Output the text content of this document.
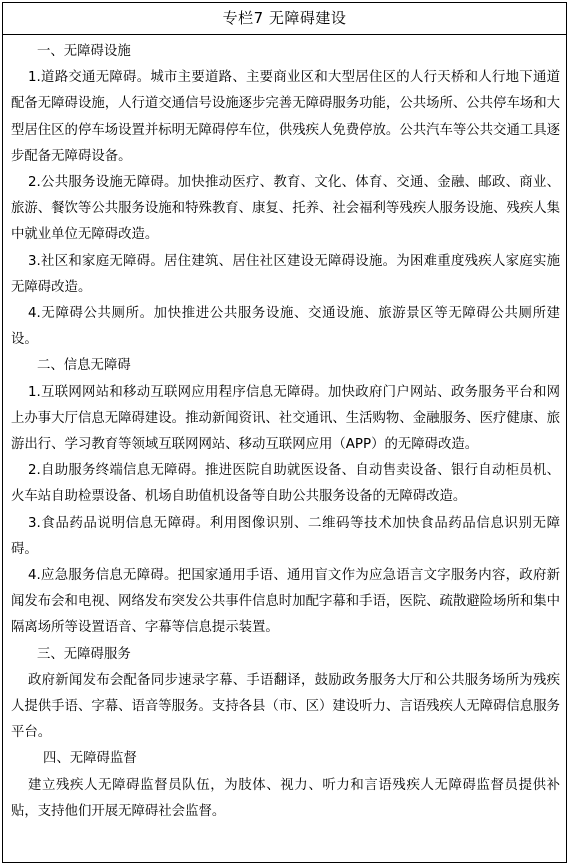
专栏7 无障碍建设

一、无障碍设施

1.道路交通无障碍。城市主要道路、主要商业区和大型居住区的人行天桥和人行地下通道配备无障碍设施，人行道交通信号设施逐步完善无障碍服务功能，公共场所、公共停车场和大型居住区的停车场设置并标明无障碍停车位，供残疾人免费停放。公共汽车等公共交通工具逐步配备无障碍设备。

2.公共服务设施无障碍。加快推动医疗、教育、文化、体育、交通、金融、邮政、商业、旅游、餐饮等公共服务设施和特殊教育、康复、托养、社会福利等残疾人服务设施、残疾人集中就业单位无障碍改造。

3.社区和家庭无障碍。居住建筑、居住社区建设无障碍设施。为困难重度残疾人家庭实施无障碍改造。

4.无障碍公共厕所。加快推进公共服务设施、交通设施、旅游景区等无障碍公共厕所建设。

二、信息无障碍

1.互联网网站和移动互联网应用程序信息无障碍。加快政府门户网站、政务服务平台和网上办事大厅信息无障碍建设。推动新闻资讯、社交通讯、生活购物、金融服务、医疗健康、旅游出行、学习教育等领域互联网网站、移动互联网应用（APP）的无障碍改造。

2.自助服务终端信息无障碍。推进医院自助就医设备、自动售卖设备、银行自动柜员机、火车站自助检票设备、机场自助值机设备等自助公共服务设备的无障碍改造。

3.食品药品说明信息无障碍。利用图像识别、二维码等技术加快食品药品信息识别无障碍。

4.应急服务信息无障碍。把国家通用手语、通用盲文作为应急语言文字服务内容，政府新闻发布会和电视、网络发布突发公共事件信息时加配字幕和手语，医院、疏散避险场所和集中隔离场所等设置语音、字幕等信息提示装置。

三、无障碍服务

政府新闻发布会配备同步速录字幕、手语翻译，鼓励政务服务大厅和公共服务场所为残疾人提供手语、字幕、语音等服务。支持各县（市、区）建设听力、言语残疾人无障碍信息服务平台。

四、无障碍监督

建立残疾人无障碍监督员队伍，为肢体、视力、听力和言语残疾人无障碍监督员提供补贴，支持他们开展无障碍社会监督。
